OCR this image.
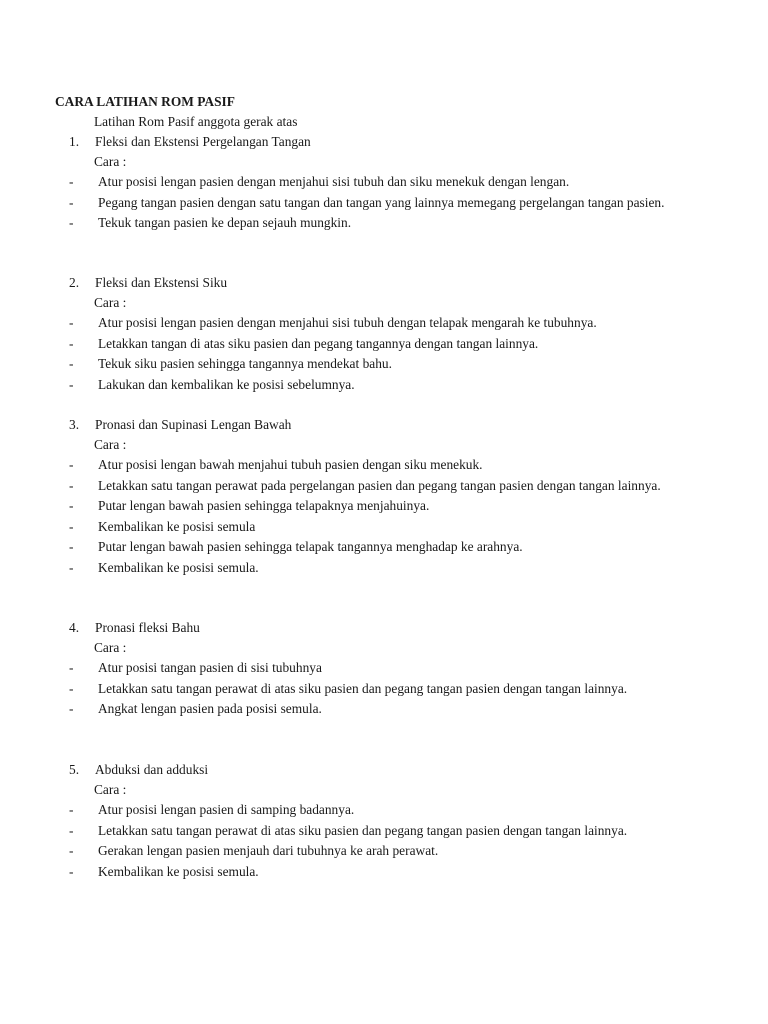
CARA LATIHAN ROM PASIF
Latihan Rom Pasif anggota gerak atas
1. Fleksi dan Ekstensi Pergelangan Tangan
Cara :
- Atur posisi lengan pasien dengan menjahui sisi tubuh dan siku menekuk dengan lengan.
- Pegang tangan pasien dengan satu tangan dan tangan yang lainnya memegang pergelangan tangan pasien.
- Tekuk tangan pasien ke depan sejauh mungkin.
2. Fleksi dan Ekstensi Siku
Cara :
- Atur posisi lengan pasien dengan menjahui sisi tubuh dengan telapak mengarah ke tubuhnya.
- Letakkan tangan di atas siku pasien dan pegang tangannya dengan tangan lainnya.
- Tekuk siku pasien sehingga tangannya mendekat bahu.
- Lakukan dan kembalikan ke posisi sebelumnya.
3. Pronasi dan Supinasi Lengan Bawah
Cara :
- Atur posisi lengan bawah menjahui tubuh pasien dengan siku menekuk.
- Letakkan satu tangan perawat pada pergelangan pasien dan pegang tangan pasien dengan tangan lainnya.
- Putar lengan bawah pasien sehingga telapaknya menjahuinya.
- Kembalikan ke posisi semula
- Putar lengan bawah pasien sehingga telapak tangannya menghadap ke arahnya.
- Kembalikan ke posisi semula.
4. Pronasi fleksi Bahu
Cara :
- Atur posisi tangan pasien di sisi tubuhnya
- Letakkan satu tangan perawat di atas siku pasien dan pegang tangan pasien dengan tangan lainnya.
- Angkat lengan pasien pada posisi semula.
5. Abduksi dan adduksi
Cara :
- Atur posisi lengan pasien di samping badannya.
- Letakkan satu tangan perawat di atas siku pasien dan pegang tangan pasien dengan tangan lainnya.
- Gerakan lengan pasien menjauh dari tubuhnya ke arah perawat.
- Kembalikan ke posisi semula.
